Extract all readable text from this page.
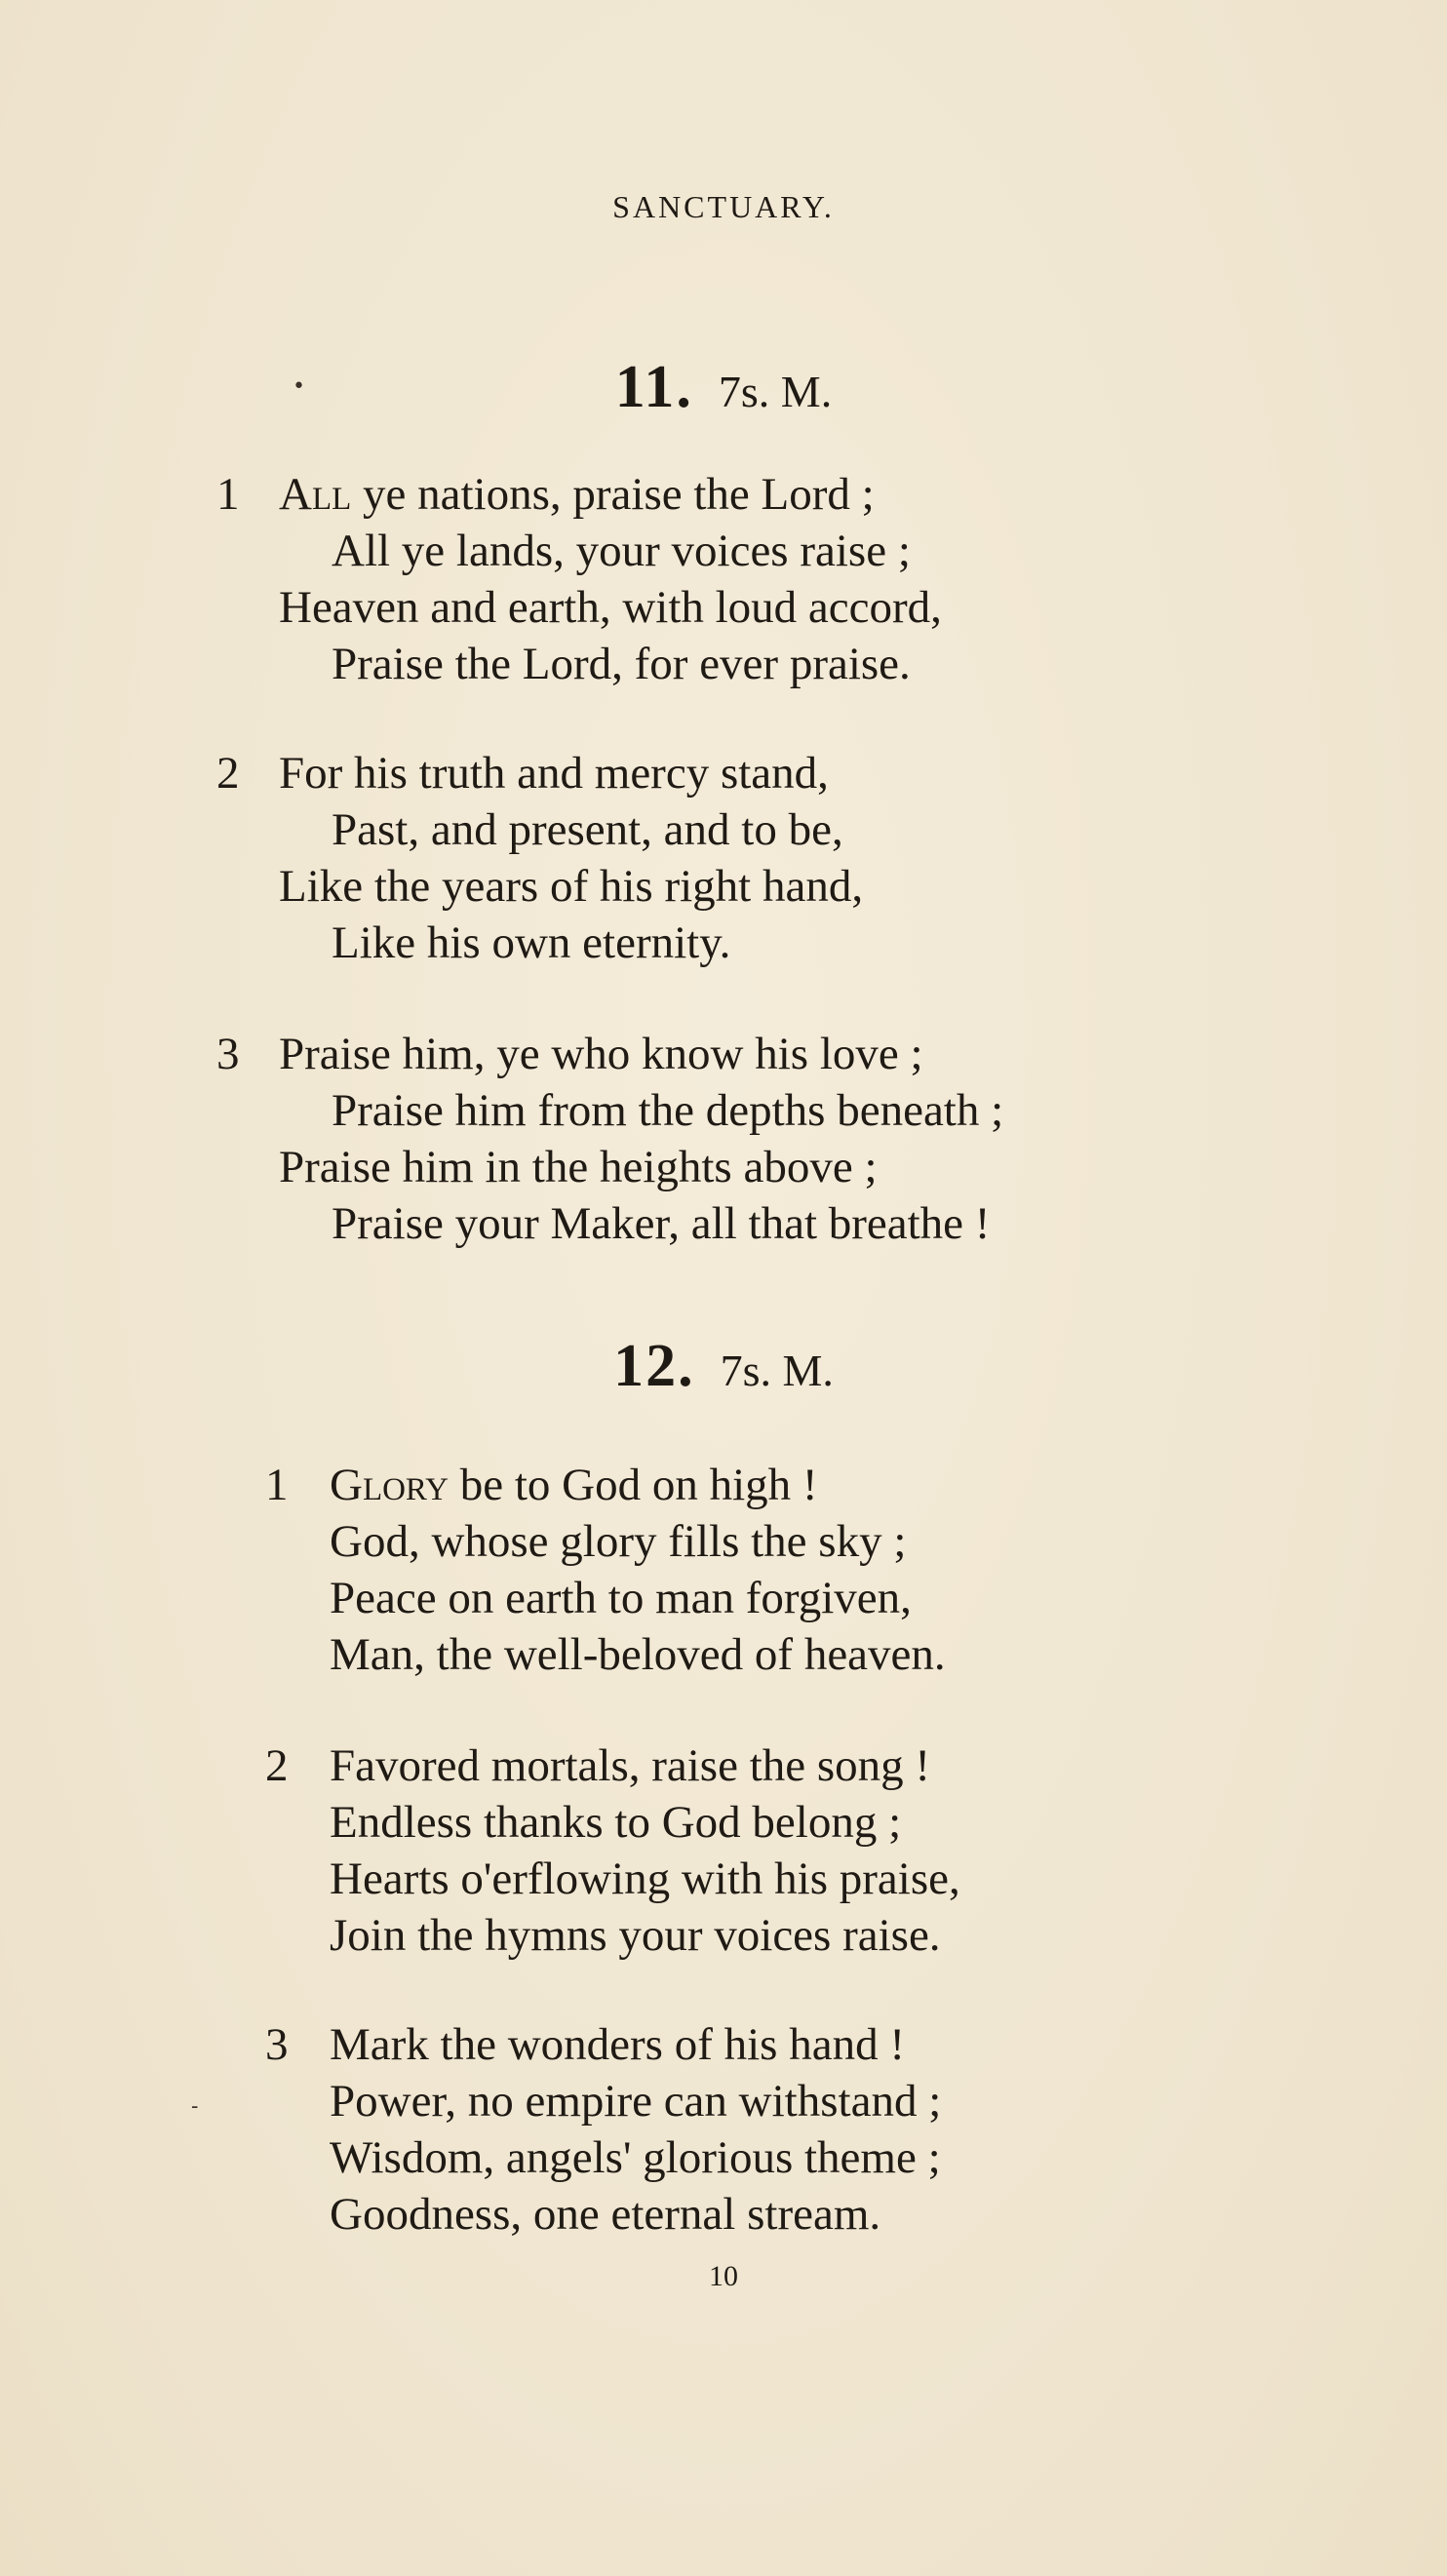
SANCTUARY.
11. 7s. M.
•
1 All ye nations, praise the Lord ;
All ye lands, your voices raise ;
Heaven and earth, with loud accord,
Praise the Lord, for ever praise.
2 For his truth and mercy stand,
Past, and present, and to be,
Like the years of his right hand,
Like his own eternity.
3 Praise him, ye who know his love ;
Praise him from the depths beneath ;
Praise him in the heights above ;
Praise your Maker, all that breathe !
12. 7s. M.
1 Glory be to God on high !
God, whose glory fills the sky ;
Peace on earth to man forgiven,
Man, the well-beloved of heaven.
2 Favored mortals, raise the song !
Endless thanks to God belong ;
Hearts o'erflowing with his praise,
Join the hymns your voices raise.
3 Mark the wonders of his hand !
Power, no empire can withstand ;
Wisdom, angels' glorious theme ;
Goodness, one eternal stream.
-
10
